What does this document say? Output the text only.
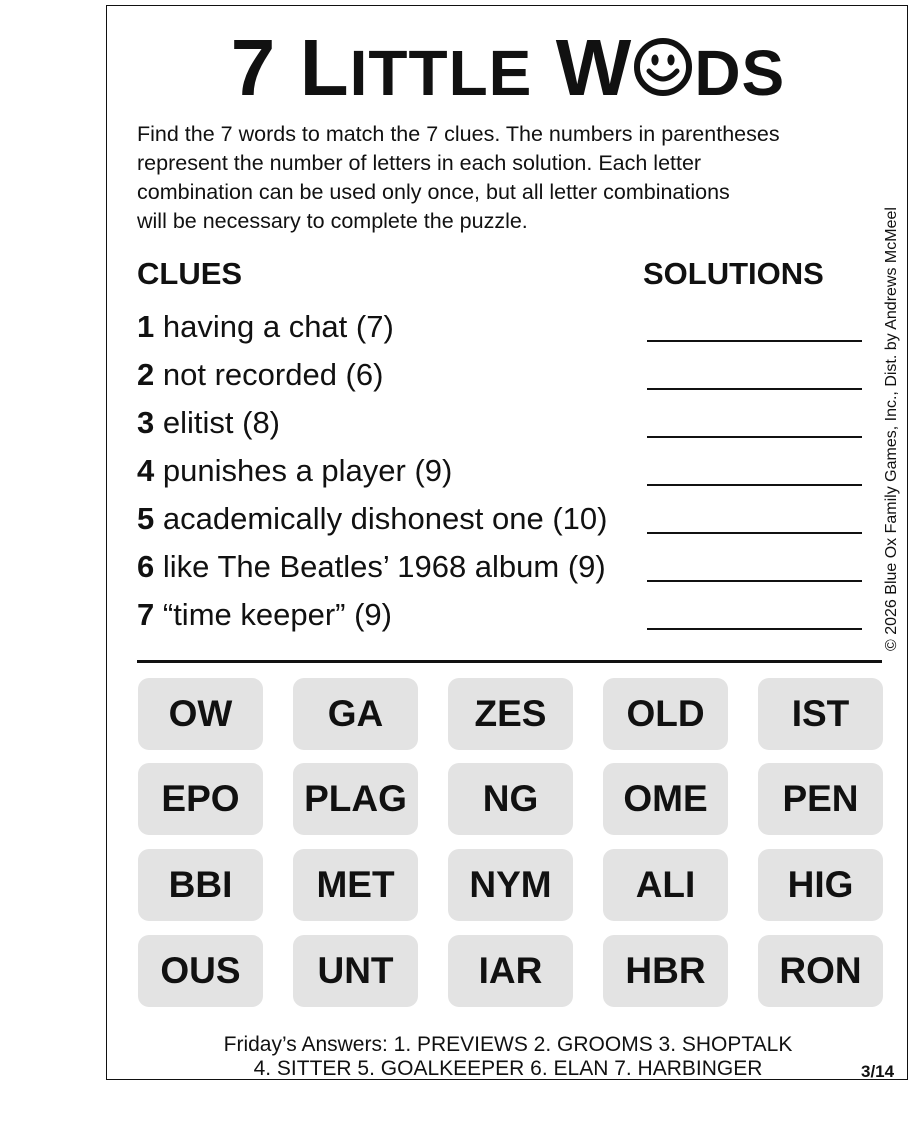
7 LITTLE W DS
Find the 7 words to match the 7 clues. The numbers in parentheses
represent the number of letters in each solution. Each letter
combination can be used only once, but all letter combinations
will be necessary to complete the puzzle.	© 2026 Blue Ox Family Games, Inc., Dist. by Andrews McMeel
CLUES	SOLUTIONS
1 having a chat (7)
2 not recorded (6)
3 elitist (8)
4 punishes a player (9)
5 academically dishonest one (10)
6 like The Beatles’ 1968 album (9)
7 “time keeper” (9)
OW	GA	ZES	OLD	IST
EPO	PLAG	NG	OME	PEN
BBI	MET	NYM	ALI	HIG
OUS	UNT	IAR	HBR	RON
Friday’s Answers: 1. PREVIEWS 2. GROOMS 3. SHOPTALK
4. SITTER 5. GOALKEEPER 6. ELAN 7. HARBINGER	3/14
